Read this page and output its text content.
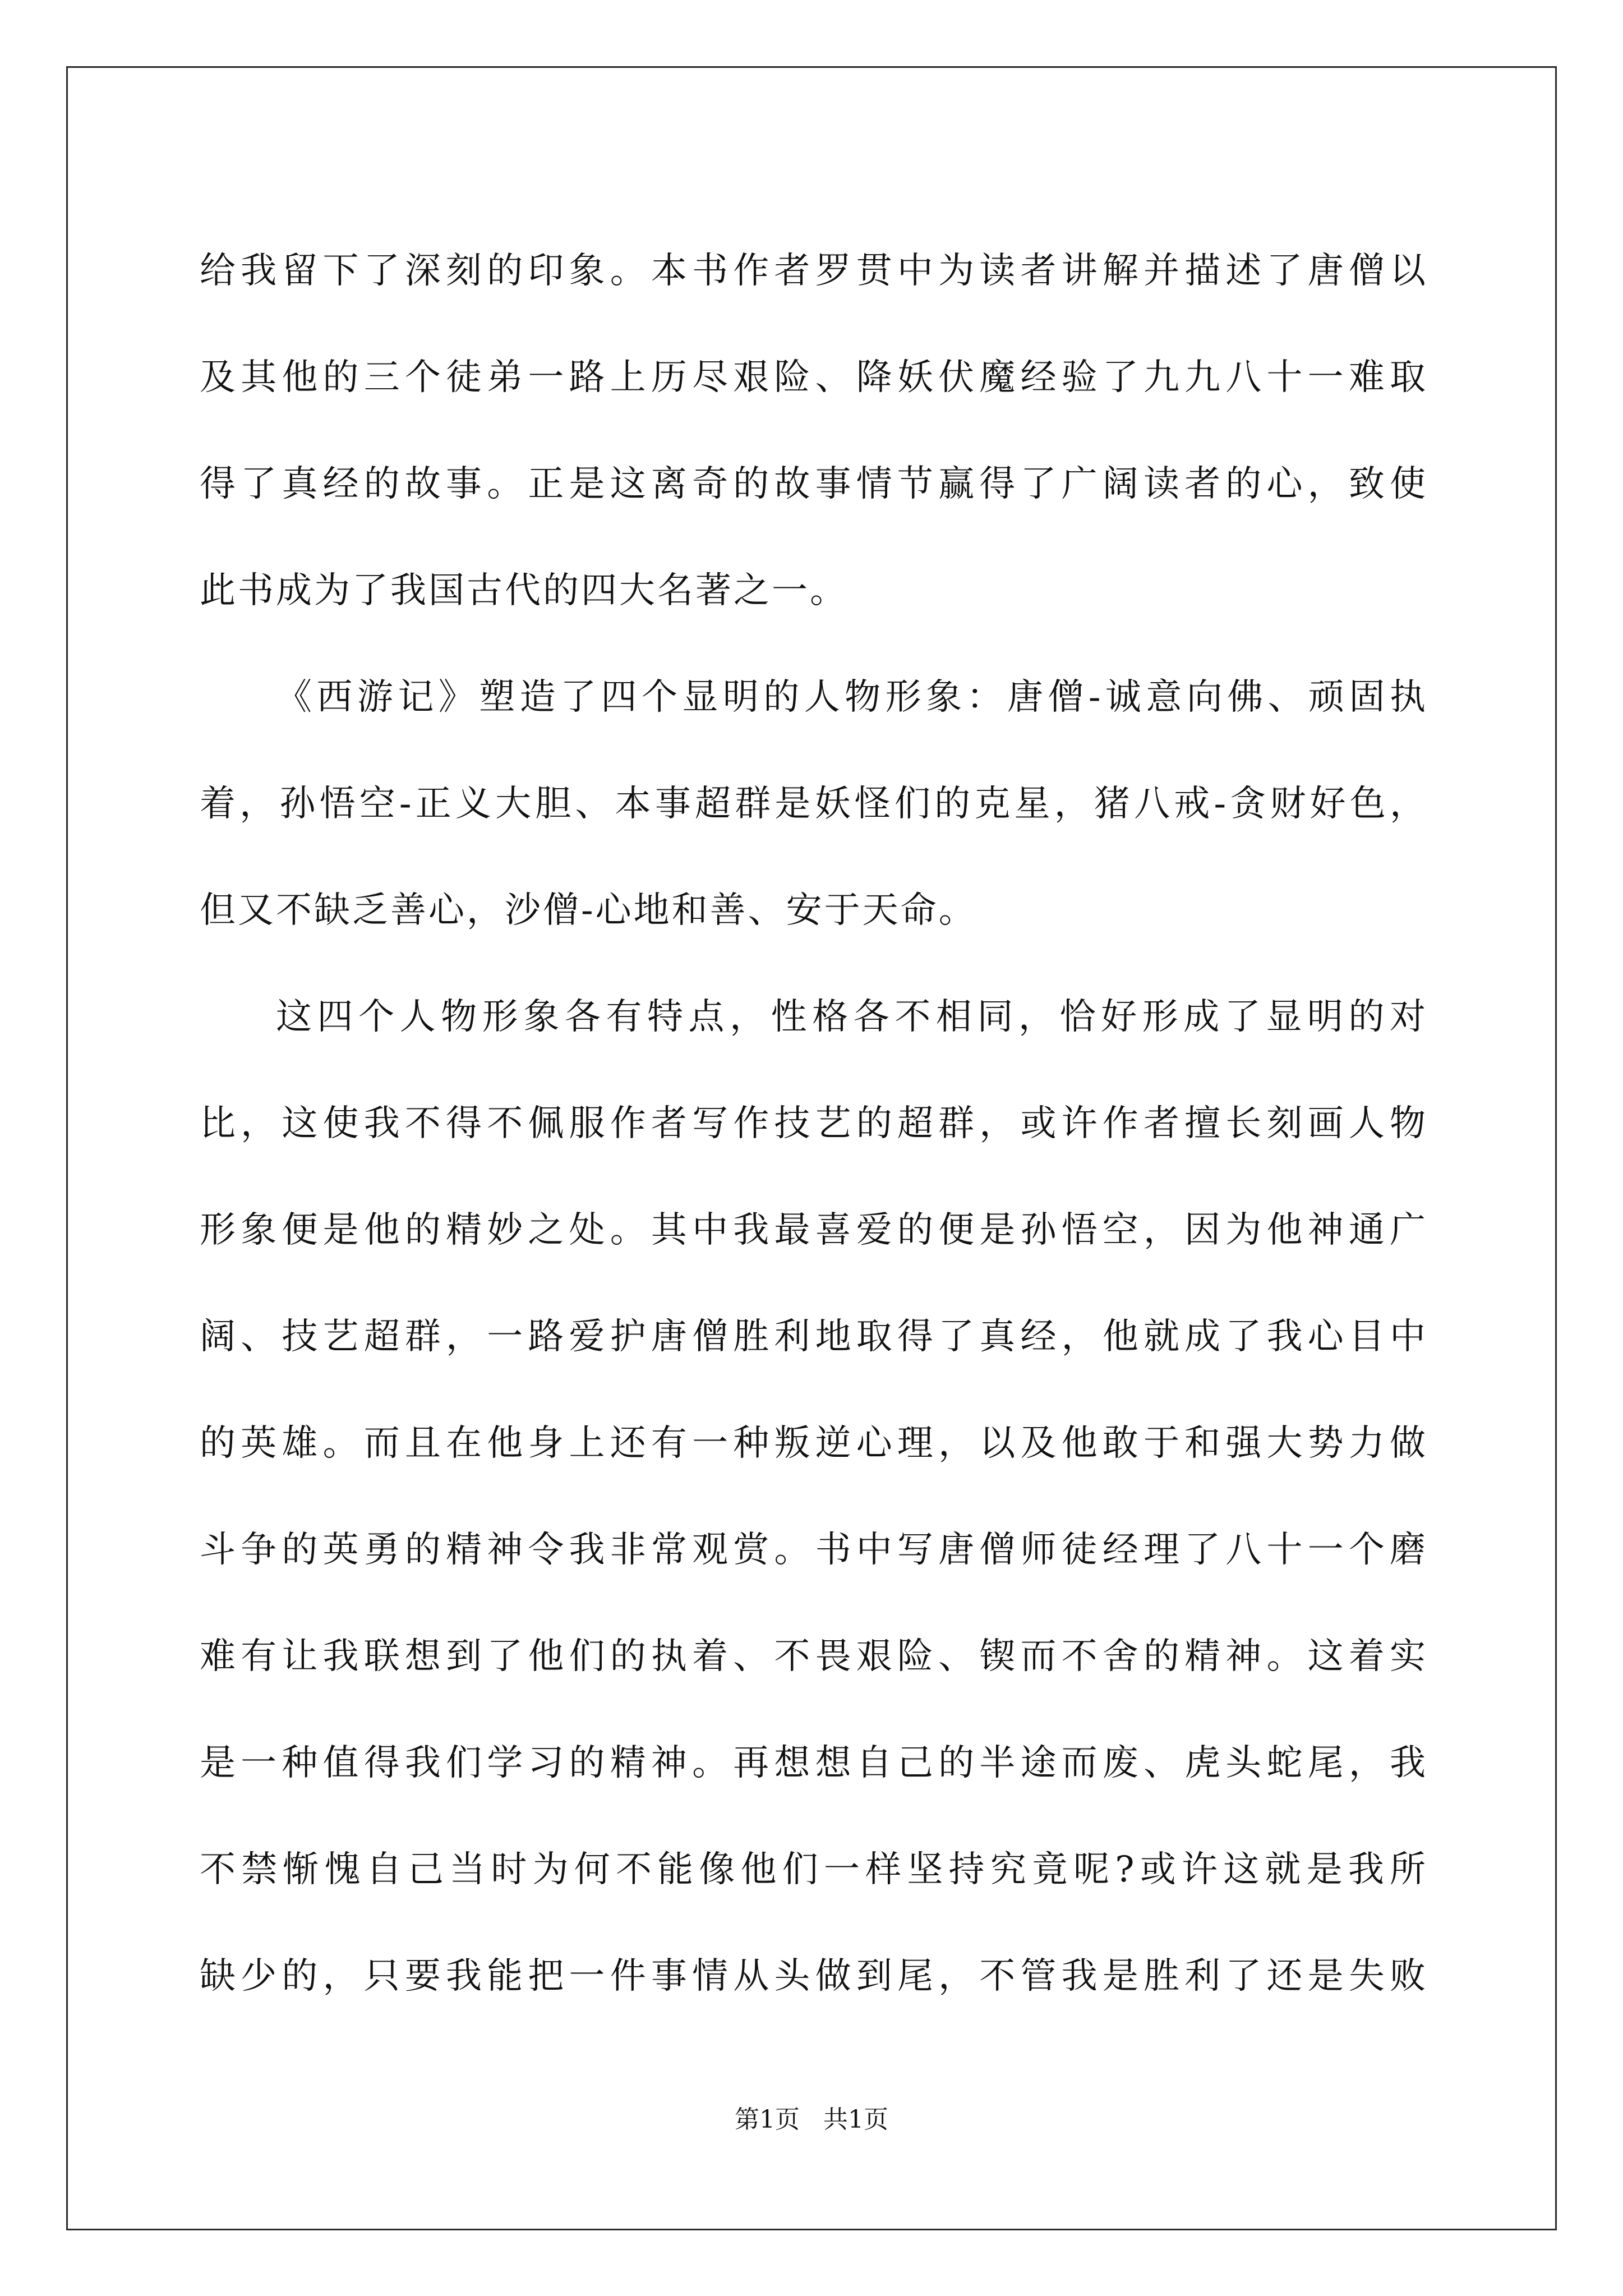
给我留下了深刻的印象。本书作者罗贯中为读者讲解并描述了唐僧以
及其他的三个徒弟一路上历尽艰险、降妖伏魔经验了九九八十一难取
得了真经的故事。正是这离奇的故事情节赢得了广阔读者的心，致使
此书成为了我国古代的四大名著之一。
《西游记》塑造了四个显明的人物形象：唐僧-诚意向佛、顽固执
着，孙悟空-正义大胆、本事超群是妖怪们的克星，猪八戒-贪财好色，
但又不缺乏善心，沙僧-心地和善、安于天命。
这四个人物形象各有特点，性格各不相同，恰好形成了显明的对
比，这使我不得不佩服作者写作技艺的超群，或许作者擅长刻画人物
形象便是他的精妙之处。其中我最喜爱的便是孙悟空，因为他神通广
阔、技艺超群，一路爱护唐僧胜利地取得了真经，他就成了我心目中
的英雄。而且在他身上还有一种叛逆心理，以及他敢于和强大势力做
斗争的英勇的精神令我非常观赏。书中写唐僧师徒经理了八十一个磨
难有让我联想到了他们的执着、不畏艰险、锲而不舍的精神。这着实
是一种值得我们学习的精神。再想想自己的半途而废、虎头蛇尾，我
不禁惭愧自己当时为何不能像他们一样坚持究竟呢?或许这就是我所
缺少的，只要我能把一件事情从头做到尾，不管我是胜利了还是失败
第1页 共1页
